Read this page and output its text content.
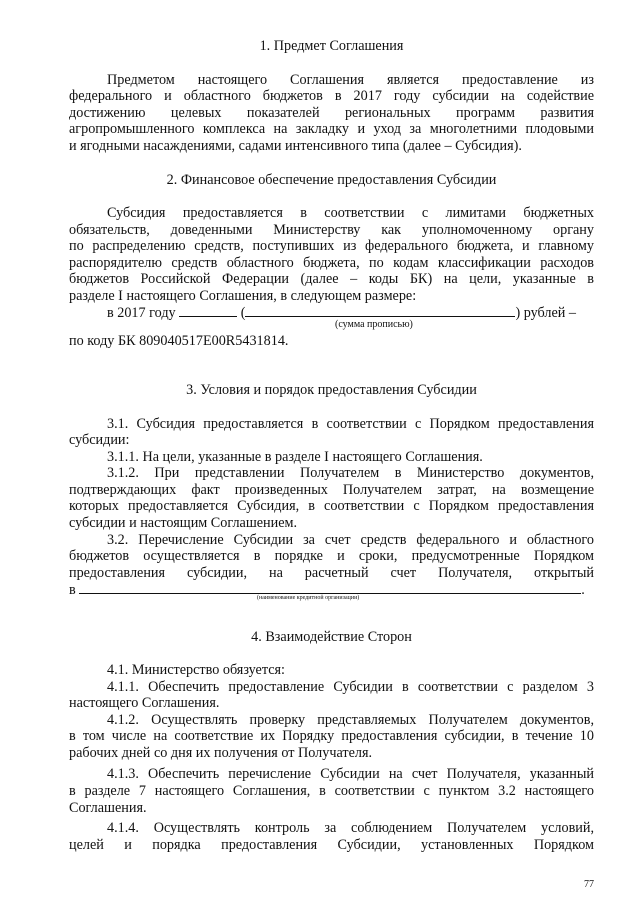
1. Предмет Соглашения
Предметом настоящего Соглашения является предоставление из
федерального и областного бюджетов в 2017 году субсидии на содействие
достижению целевых показателей региональных программ развития
агропромышленного комплекса на закладку и уход за многолетними плодовыми
и ягодными насаждениями, садами интенсивного типа (далее – Субсидия).
2. Финансовое обеспечение предоставления Субсидии
Субсидия предоставляется в соответствии с лимитами бюджетных
обязательств, доведенными Министерству как уполномоченному органу
по распределению средств, поступивших из федерального бюджета, и главному
распорядителю средств областного бюджета, по кодам классификации расходов
бюджетов Российской Федерации (далее – коды БК) на цели, указанные в
разделе I настоящего Соглашения, в следующем размере:
в 2017 году	(	) рублей –
(сумма прописью)
по коду БК 809040517E00R5431814.
3. Условия и порядок предоставления Субсидии
3.1. Субсидия предоставляется в соответствии с Порядком предоставления
субсидии:
3.1.1. На цели, указанные в разделе I настоящего Соглашения.
3.1.2. При представлении Получателем в Министерство документов,
подтверждающих факт произведенных Получателем затрат, на возмещение
которых предоставляется Субсидия, в соответствии с Порядком предоставления
субсидии и настоящим Соглашением.
3.2. Перечисление Субсидии за счет средств федерального и областного
бюджетов осуществляется в порядке и сроки, предусмотренные Порядком
предоставления субсидии, на расчетный счет Получателя, открытый
в	.
(наименование кредитной организации)
4. Взаимодействие Сторон
4.1. Министерство обязуется:
4.1.1. Обеспечить предоставление Субсидии в соответствии с разделом 3
настоящего Соглашения.
4.1.2. Осуществлять проверку представляемых Получателем документов,
в том числе на соответствие их Порядку предоставления субсидии, в течение 10
рабочих дней со дня их получения от Получателя.
4.1.3. Обеспечить перечисление Субсидии на счет Получателя, указанный
в разделе 7 настоящего Соглашения, в соответствии с пунктом 3.2 настоящего
Соглашения.
4.1.4. Осуществлять контроль за соблюдением Получателем условий,
целей и порядка предоставления Субсидии, установленных Порядком
77
